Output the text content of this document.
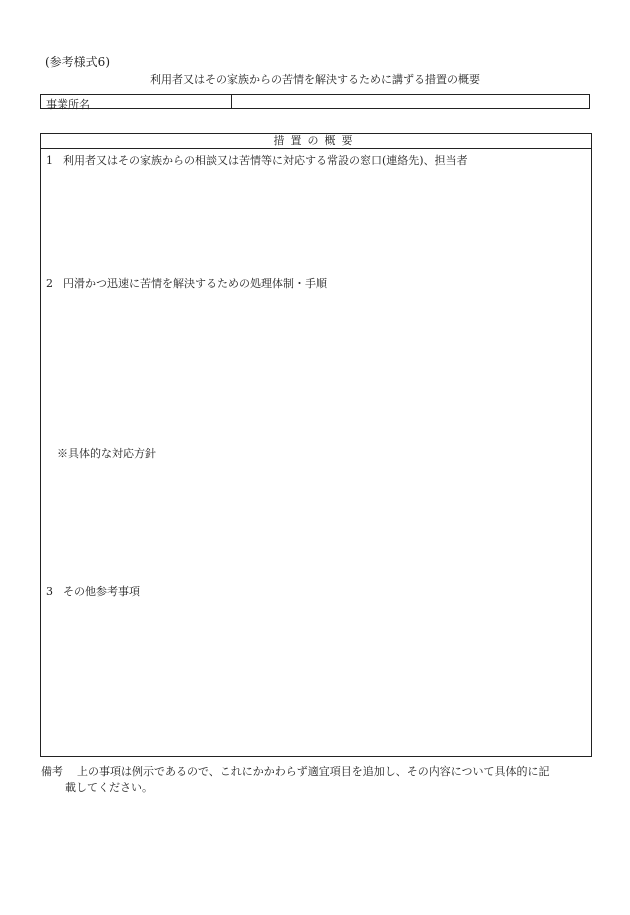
(参考様式6)
利用者又はその家族からの苦情を解決するために講ずる措置の概要
事業所名
措置の概要
1 利用者又はその家族からの相談又は苦情等に対応する常設の窓口(連絡先)、担当者
2 円滑かつ迅速に苦情を解決するための処理体制・手順
※具体的な対応方針
3 その他参考事項
備考 上の事項は例示であるので、これにかかわらず適宜項目を追加し、その内容について具体的に記
載してください。
